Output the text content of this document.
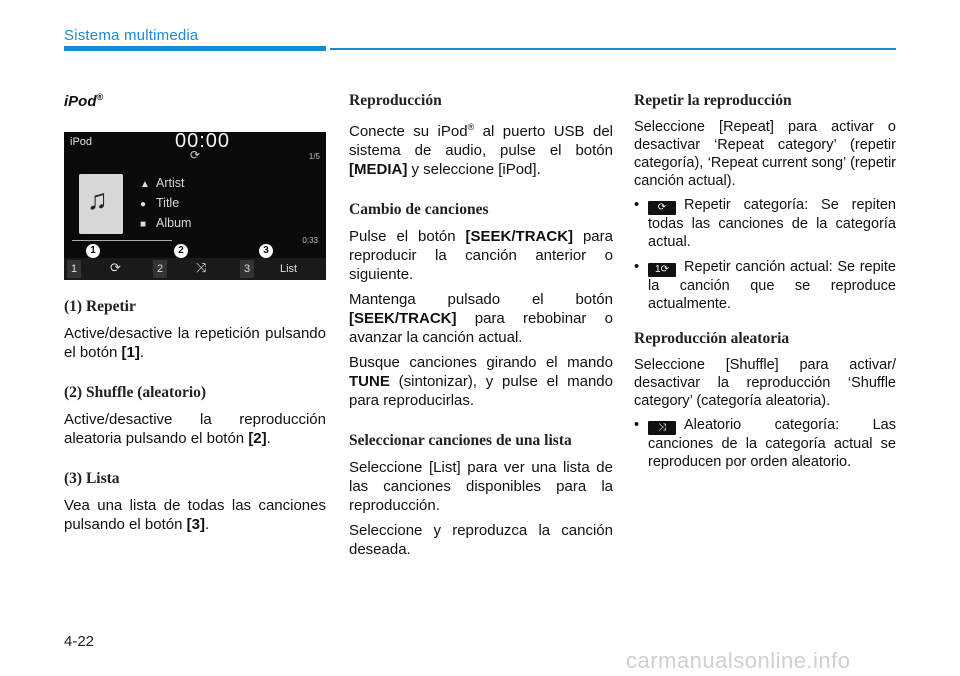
Sistema multimedia
iPod®
iPod	00:00
⟳	1/5
♫	▲ Artist
● Title
■ Album
0:33
1	2	3
1	⟳	2	⤨	3	List
(1) Repetir

Active/desactive la repetición pulsando el botón [1].

(2) Shuffle (aleatorio)

Active/desactive la reproducción aleatoria pulsando el botón [2].

(3) Lista

Vea una lista de todas las canciones pulsando el botón [3].

Reproducción

Conecte su iPod® al puerto USB del sistema de audio, pulse el botón [MEDIA] y seleccione [iPod].

Cambio de canciones

Pulse el botón [SEEK/TRACK] para reproducir la canción anterior o siguiente.

Mantenga pulsado el botón [SEEK/TRACK] para rebobinar o avanzar la canción actual.

Busque canciones girando el mando TUNE (sintonizar), y pulse el mando para reproducirlas.

Seleccionar canciones de una lista

Seleccione [List] para ver una lista de las canciones disponibles para la reproducción.

Seleccione y reproduzca la canción deseada.

Repetir la reproducción

Seleccione [Repeat] para activar o desactivar ‘Repeat category’ (repetir categoría), ‘Repeat current song’ (repetir canción actual).

• ⟳ Repetir categoría: Se repiten todas las canciones de la categoría actual.
• 1⟳ Repetir canción actual: Se repite la canción que se reproduce actualmente.
Reproducción aleatoria

Seleccione [Shuffle] para activar/ desactivar la reproducción ‘Shuffle category’ (categoría aleatoria).

• ⤨ Aleatorio categoría: Las canciones de la categoría actual se reproducen por orden aleatorio.
4-22
carmanualsonline.info
